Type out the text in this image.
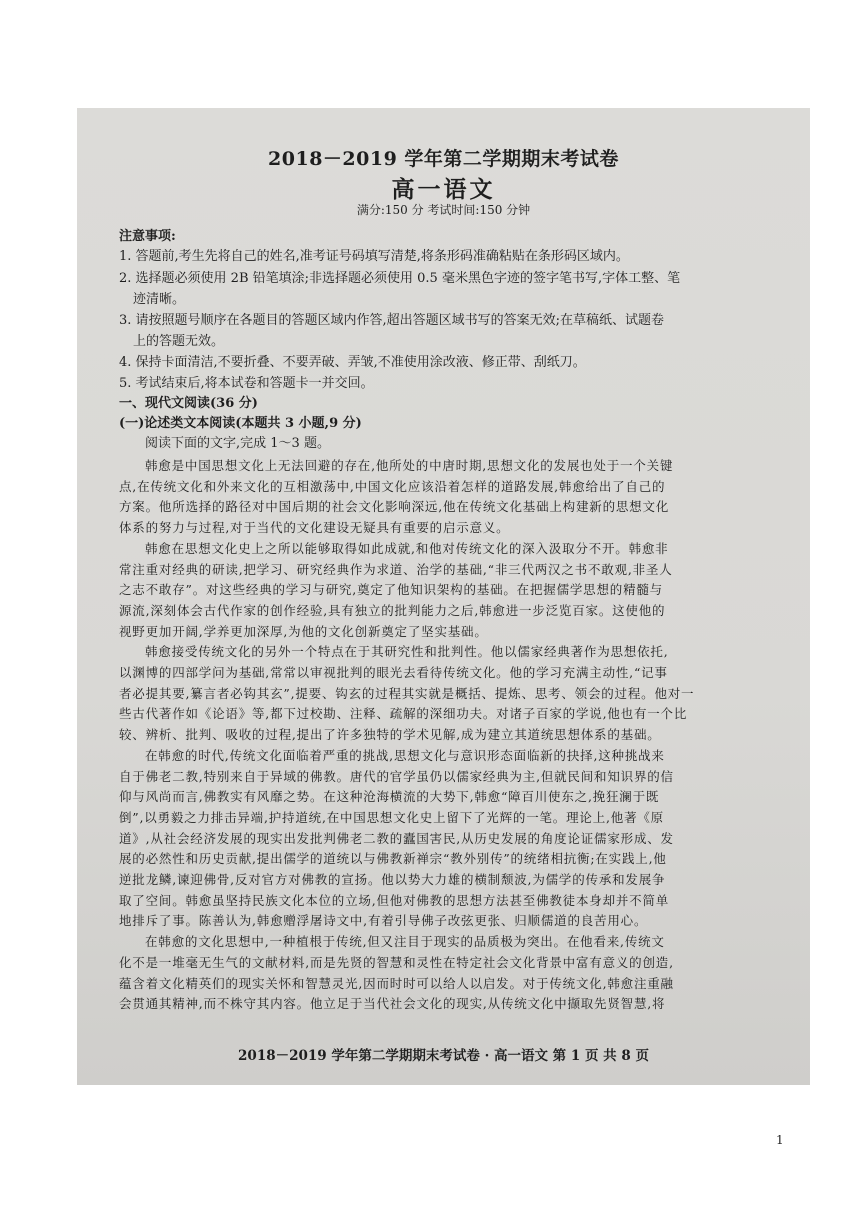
2018－2019 学年第二学期期末考试卷
高一语文
满分:150 分 考试时间:150 分钟
注意事项:
1. 答题前,考生先将自己的姓名,准考证号码填写清楚,将条形码准确粘贴在条形码区域内。
2. 选择题必须使用 2B 铅笔填涂;非选择题必须使用 0.5 毫米黑色字迹的签字笔书写,字体工整、笔
迹清晰。
3. 请按照题号顺序在各题目的答题区域内作答,超出答题区域书写的答案无效;在草稿纸、试题卷
上的答题无效。
4. 保持卡面清洁,不要折叠、不要弄破、弄皱,不准使用涂改液、修正带、刮纸刀。
5. 考试结束后,将本试卷和答题卡一并交回。
一、现代文阅读(36 分)
(一)论述类文本阅读(本题共 3 小题,9 分)
阅读下面的文字,完成 1～3 题。
韩愈是中国思想文化上无法回避的存在,他所处的中唐时期,思想文化的发展也处于一个关键
点,在传统文化和外来文化的互相激荡中,中国文化应该沿着怎样的道路发展,韩愈给出了自己的
方案。他所选择的路径对中国后期的社会文化影响深远,他在传统文化基础上构建新的思想文化
体系的努力与过程,对于当代的文化建设无疑具有重要的启示意义。
韩愈在思想文化史上之所以能够取得如此成就,和他对传统文化的深入汲取分不开。韩愈非
常注重对经典的研读,把学习、研究经典作为求道、治学的基础,“非三代两汉之书不敢观,非圣人
之志不敢存”。对这些经典的学习与研究,奠定了他知识架构的基础。在把握儒学思想的精髓与
源流,深刻体会古代作家的创作经验,具有独立的批判能力之后,韩愈进一步泛览百家。这使他的
视野更加开阔,学养更加深厚,为他的文化创新奠定了坚实基础。
韩愈接受传统文化的另外一个特点在于其研究性和批判性。他以儒家经典著作为思想依托,
以渊博的四部学问为基础,常常以审视批判的眼光去看待传统文化。他的学习充满主动性,“记事
者必提其要,纂言者必钩其玄”,提要、钩玄的过程其实就是概括、提炼、思考、领会的过程。他对一
些古代著作如《论语》等,都下过校勘、注释、疏解的深细功夫。对诸子百家的学说,他也有一个比
较、辨析、批判、吸收的过程,提出了许多独特的学术见解,成为建立其道统思想体系的基础。
在韩愈的时代,传统文化面临着严重的挑战,思想文化与意识形态面临新的抉择,这种挑战来
自于佛老二教,特别来自于异域的佛教。唐代的官学虽仍以儒家经典为主,但就民间和知识界的信
仰与风尚而言,佛教实有风靡之势。在这种沧海横流的大势下,韩愈“障百川使东之,挽狂澜于既
倒”,以勇毅之力排击异端,护持道统,在中国思想文化史上留下了光辉的一笔。理论上,他著《原
道》,从社会经济发展的现实出发批判佛老二教的蠹国害民,从历史发展的角度论证儒家形成、发
展的必然性和历史贡献,提出儒学的道统以与佛教新禅宗“教外别传”的统绪相抗衡;在实践上,他
逆批龙鳞,谏迎佛骨,反对官方对佛教的宣扬。他以势大力雄的横制颓波,为儒学的传承和发展争
取了空间。韩愈虽坚持民族文化本位的立场,但他对佛教的思想方法甚至佛教徒本身却并不简单
地排斥了事。陈善认为,韩愈赠浮屠诗文中,有着引导佛子改弦更张、归顺儒道的良苦用心。
在韩愈的文化思想中,一种植根于传统,但又注目于现实的品质极为突出。在他看来,传统文
化不是一堆毫无生气的文献材料,而是先贤的智慧和灵性在特定社会文化背景中富有意义的创造,
蕴含着文化精英们的现实关怀和智慧灵光,因而时时可以给人以启发。对于传统文化,韩愈注重融
会贯通其精神,而不株守其内容。他立足于当代社会文化的现实,从传统文化中撷取先贤智慧,将
2018－2019 学年第二学期期末考试卷 · 高一语文 第 1 页 共 8 页
1
